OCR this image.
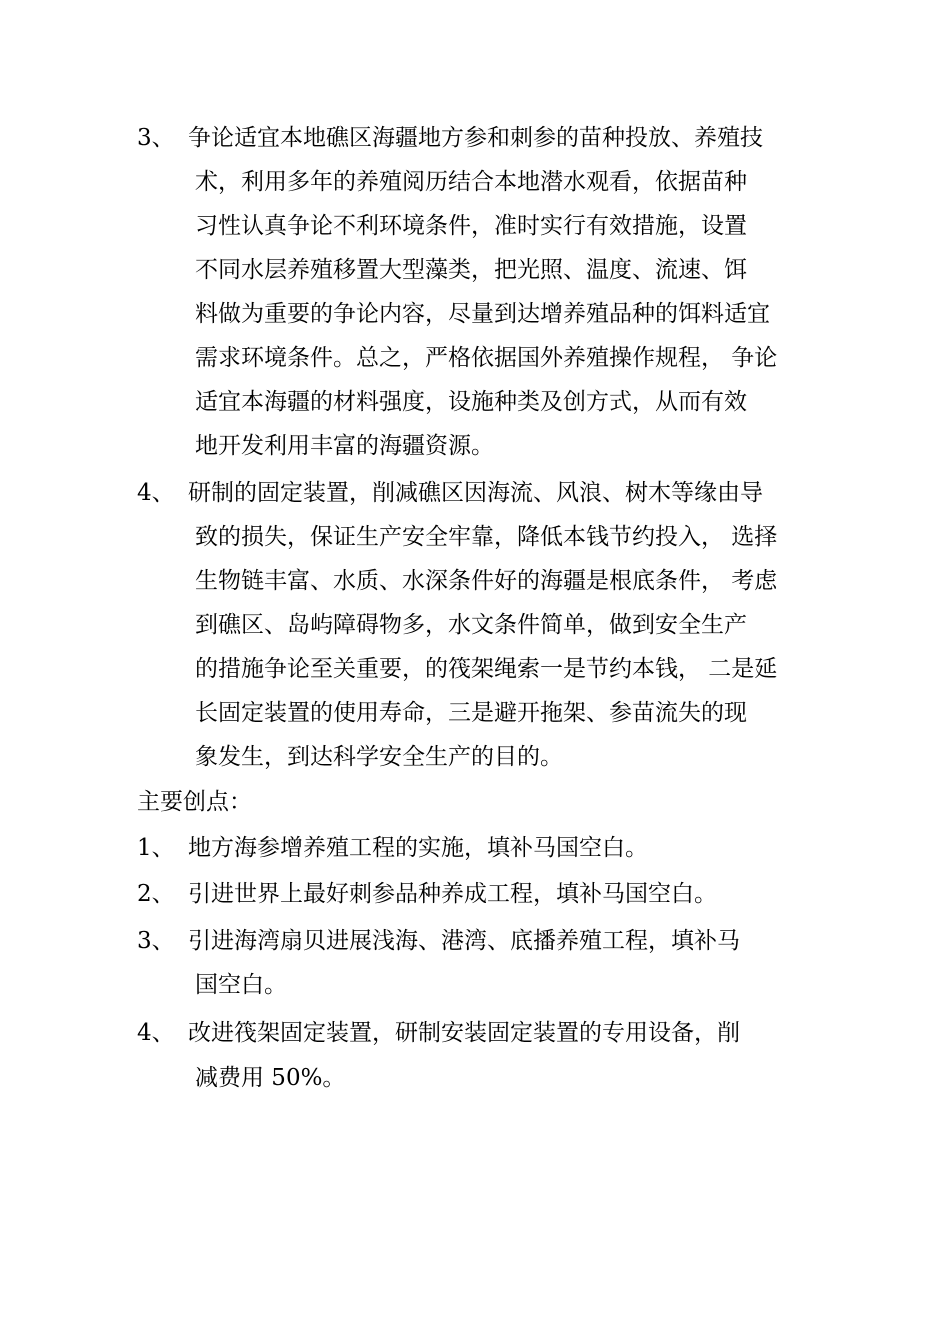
3、 争论适宜本地礁区海疆地方参和刺参的苗种投放、养殖技
术，利用多年的养殖阅历结合本地潜水观看，依据苗种
习性认真争论不利环境条件，准时实行有效措施，设置
不同水层养殖移置大型藻类，把光照、温度、流速、饵
料做为重要的争论内容，尽量到达增养殖品种的饵料适宜
需求环境条件。总之，严格依据国外养殖操作规程， 争论
适宜本海疆的材料强度，设施种类及创方式，从而有效
地开发利用丰富的海疆资源。
4、 研制的固定装置，削减礁区因海流、风浪、树木等缘由导
致的损失，保证生产安全牢靠，降低本钱节约投入， 选择
生物链丰富、水质、水深条件好的海疆是根底条件， 考虑
到礁区、岛屿障碍物多，水文条件简单，做到安全生产
的措施争论至关重要，的筏架绳索一是节约本钱， 二是延
长固定装置的使用寿命，三是避开拖架、参苗流失的现
象发生，到达科学安全生产的目的。
主要创点：
1、 地方海参增养殖工程的实施，填补马国空白。
2、 引进世界上最好刺参品种养成工程，填补马国空白。
3、 引进海湾扇贝进展浅海、港湾、底播养殖工程，填补马
国空白。
4、 改进筏架固定装置，研制安装固定装置的专用设备，削
减费用 50%。
